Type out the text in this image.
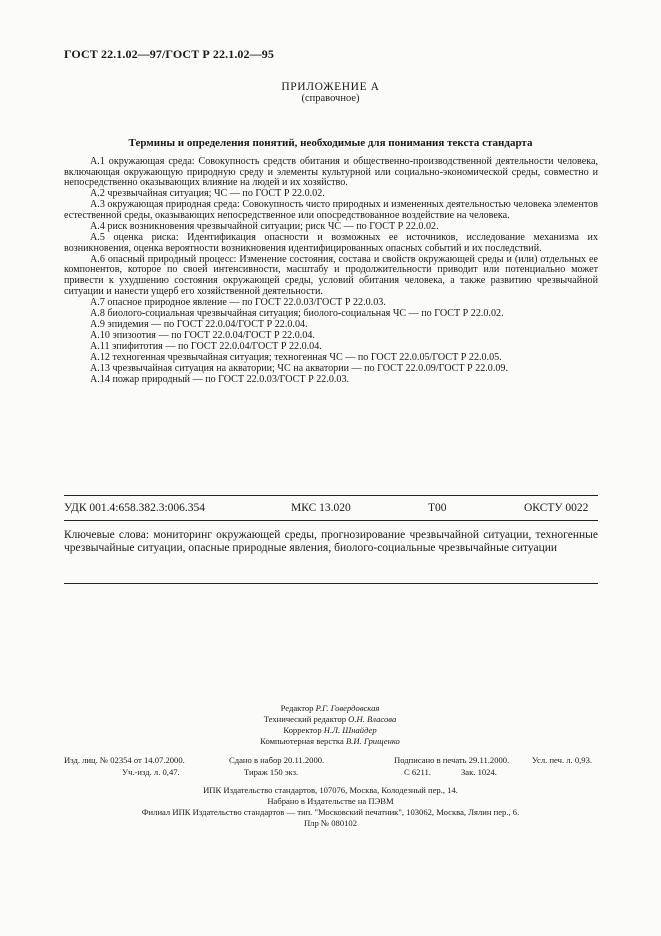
ГОСТ 22.1.02—97/ГОСТ Р 22.1.02—95
ПРИЛОЖЕНИЕ А
(справочное)
Термины и определения понятий, необходимые для понимания текста стандарта

А.1 окружающая среда: Совокупность средств обитания и общественно-производственной деятельности человека, включающая окружающую природную среду и элементы культурной или социально-экономической среды, совместно и непосредственно оказывающих влияние на людей и их хозяйство.

А.2 чрезвычайная ситуация; ЧС — по ГОСТ Р 22.0.02.

А.3 окружающая природная среда: Совокупность чисто природных и измененных деятельностью человека элементов естественной среды, оказывающих непосредственное или опосредствованное воздействие на человека.

А.4 риск возникновения чрезвычайной ситуации; риск ЧС — по ГОСТ Р 22.0.02.

А.5 оценка риска: Идентификация опасности и возможных ее источников, исследование механизма их возникновения, оценка вероятности возникновения идентифицированных опасных событий и их последствий.

А.6 опасный природный процесс: Изменение состояния, состава и свойств окружающей среды и (или) отдельных ее компонентов, которое по своей интенсивности, масштабу и продолжительности приводит или потенциально может привести к ухудшению состояния окружающей среды, условий обитания человека, а также развитию чрезвычайной ситуации и нанести ущерб его хозяйственной деятельности.

А.7 опасное природное явление — по ГОСТ 22.0.03/ГОСТ Р 22.0.03.

А.8 биолого-социальная чрезвычайная ситуация; биолого-социальная ЧС — по ГОСТ Р 22.0.02.

А.9 эпидемия — по ГОСТ 22.0.04/ГОСТ Р 22.0.04.

А.10 эпизоотия — по ГОСТ 22.0.04/ГОСТ Р 22.0.04.

А.11 эпифитотия — по ГОСТ 22.0.04/ГОСТ Р 22.0.04.

А.12 техногенная чрезвычайная ситуация; техногенная ЧС — по ГОСТ 22.0.05/ГОСТ Р 22.0.05.

А.13 чрезвычайная ситуация на акватории; ЧС на акватории — по ГОСТ 22.0.09/ГОСТ Р 22.0.09.

А.14 пожар природный — по ГОСТ 22.0.03/ГОСТ Р 22.0.03.

УДК 001.4:658.382.3:006.354	МКС 13.020	Т00	ОКСТУ 0022
Ключевые слова: мониторинг окружающей среды, прогнозирование чрезвычайной ситуации, техногенные чрезвычайные ситуации, опасные природные явления, биолого-социальные чрезвычайные ситуации
Редактор Р.Г. Говердовская
Технический редактор О.Н. Власова
Корректор Н.Л. Шнайдер
Компьютерная верстка В.И. Грищенко
Изд. лиц. № 02354 от 14.07.2000.	Сдано в набор 20.11.2000.	Подписано в печать 29.11.2000.	Усл. печ. л. 0,93.
Уч.-изд. л. 0,47.	Тираж 150 экз.	С 6211.	Зак. 1024.
ИПК Издательство стандартов, 107076, Москва, Колодезный пер., 14.
Набрано в Издательстве на ПЭВМ
Филиал ИПК Издательство стандартов — тип. "Московский печатник", 103062, Москва, Лялин пер., 6.
Плр № 080102
